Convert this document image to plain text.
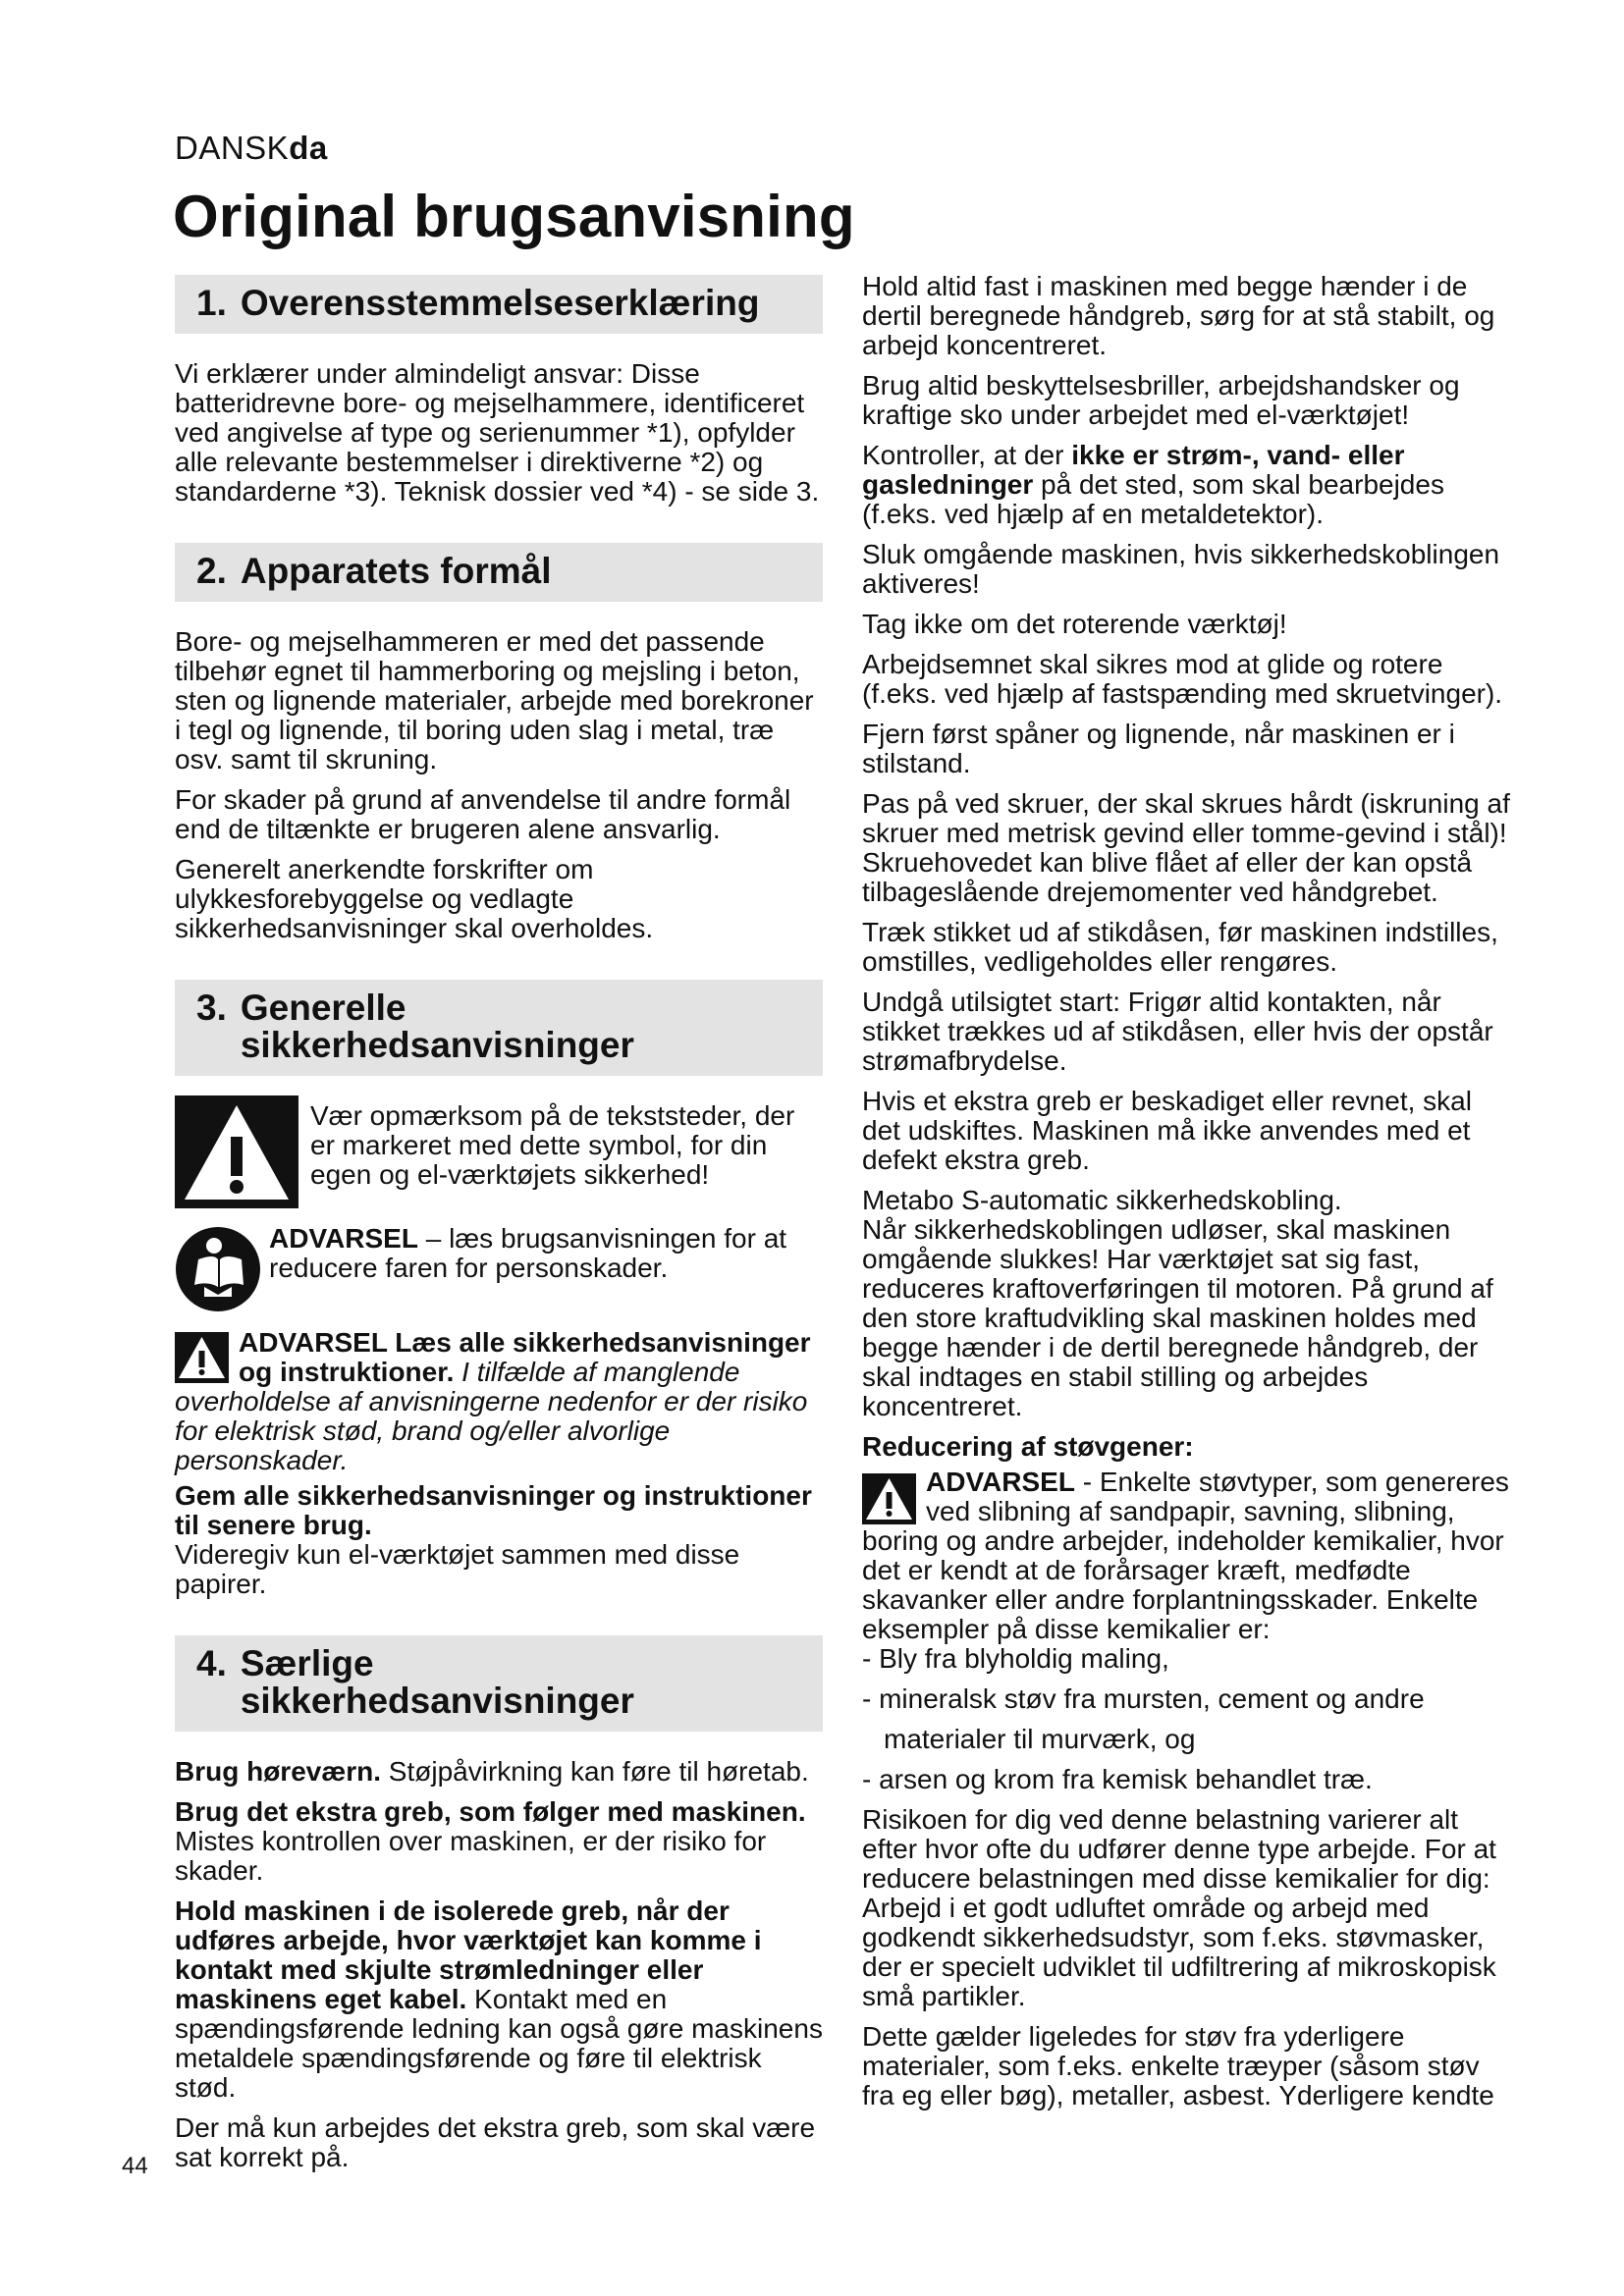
DANSKda
Original brugsanvisning
1. Overensstemmelseserklæring

Vi erklærer under almindeligt ansvar: Disse batteridrevne bore- og mejselhammere, identificeret ved angivelse af type og serienummer *1), opfylder alle relevante bestemmelser i direktiverne *2) og standarderne *3). Teknisk dossier ved *4) - se side 3.

2. Apparatets formål

Bore- og mejselhammeren er med det passende tilbehør egnet til hammerboring og mejsling i beton, sten og lignende materialer, arbejde med borekroner i tegl og lignende, til boring uden slag i metal, træ osv. samt til skruning.

For skader på grund af anvendelse til andre formål end de tiltænkte er brugeren alene ansvarlig.

Generelt anerkendte forskrifter om ulykkesforebyggelse og vedlagte sikkerhedsanvisninger skal overholdes.

3. Generelle
sikkerhedsanvisninger

Vær opmærksom på de tekststeder, der er markeret med dette symbol, for din egen og el-værktøjets sikkerhed!

ADVARSEL – læs brugsanvisningen for at reducere faren for personskader.

ADVARSEL Læs alle sikkerhedsanvisninger og instruktioner. I tilfælde af manglende overholdelse af anvisningerne nedenfor er der risiko for elektrisk stød, brand og/eller alvorlige personskader.

Gem alle sikkerhedsanvisninger og instruktioner til senere brug.

Videregiv kun el-værktøjet sammen med disse papirer.

4. Særlige
sikkerhedsanvisninger

Brug høreværn. Støjpåvirkning kan føre til høretab.

Brug det ekstra greb, som følger med maskinen. Mistes kontrollen over maskinen, er der risiko for skader.

Hold maskinen i de isolerede greb, når der udføres arbejde, hvor værktøjet kan komme i kontakt med skjulte strømledninger eller maskinens eget kabel. Kontakt med en spændingsførende ledning kan også gøre maskinens metaldele spændingsførende og føre til elektrisk stød.

Der må kun arbejdes det ekstra greb, som skal være sat korrekt på.

Hold altid fast i maskinen med begge hænder i de dertil beregnede håndgreb, sørg for at stå stabilt, og arbejd koncentreret.

Brug altid beskyttelsesbriller, arbejdshandsker og kraftige sko under arbejdet med el-værktøjet!

Kontroller, at der ikke er strøm-, vand- eller gasledninger på det sted, som skal bearbejdes (f.eks. ved hjælp af en metaldetektor).

Sluk omgående maskinen, hvis sikkerhedskoblingen aktiveres!

Tag ikke om det roterende værktøj!

Arbejdsemnet skal sikres mod at glide og rotere (f.eks. ved hjælp af fastspænding med skruetvinger).

Fjern først spåner og lignende, når maskinen er i stilstand.

Pas på ved skruer, der skal skrues hårdt (iskruning af skruer med metrisk gevind eller tomme-gevind i stål)! Skruehovedet kan blive flået af eller der kan opstå tilbageslående drejemomenter ved håndgrebet.

Træk stikket ud af stikdåsen, før maskinen indstilles, omstilles, vedligeholdes eller rengøres.

Undgå utilsigtet start: Frigør altid kontakten, når stikket trækkes ud af stikdåsen, eller hvis der opstår strømafbrydelse.

Hvis et ekstra greb er beskadiget eller revnet, skal det udskiftes. Maskinen må ikke anvendes med et defekt ekstra greb.

Metabo S-automatic sikkerhedskobling.
Når sikkerhedskoblingen udløser, skal maskinen omgående slukkes! Har værktøjet sat sig fast, reduceres kraftoverføringen til motoren. På grund af den store kraftudvikling skal maskinen holdes med begge hænder i de dertil beregnede håndgreb, der skal indtages en stabil stilling og arbejdes koncentreret.

Reducering af støvgener:

ADVARSEL - Enkelte støvtyper, som genereres ved slibning af sandpapir, savning, slibning, boring og andre arbejder, indeholder kemikalier, hvor det er kendt at de forårsager kræft, medfødte skavanker eller andre forplantningsskader. Enkelte eksempler på disse kemikalier er:

- Bly fra blyholdig maling,

- mineralsk støv fra mursten, cement og andre

materialer til murværk, og

- arsen og krom fra kemisk behandlet træ.

Risikoen for dig ved denne belastning varierer alt efter hvor ofte du udfører denne type arbejde. For at reducere belastningen med disse kemikalier for dig: Arbejd i et godt udluftet område og arbejd med godkendt sikkerhedsudstyr, som f.eks. støvmasker, der er specielt udviklet til udfiltrering af mikroskopisk små partikler.

Dette gælder ligeledes for støv fra yderligere materialer, som f.eks. enkelte træyper (såsom støv fra eg eller bøg), metaller, asbest. Yderligere kendte

44
